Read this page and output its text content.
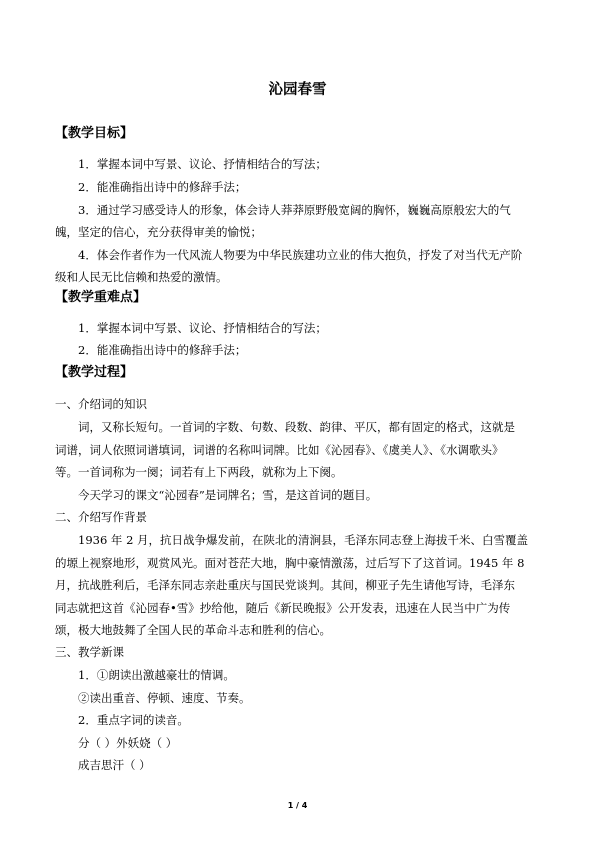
沁园春雪
【教学目标】
1．掌握本词中写景、议论、抒情相结合的写法；
2．能准确指出诗中的修辞手法；
3．通过学习感受诗人的形象，体会诗人莽莽原野般宽阔的胸怀，巍巍高原般宏大的气
魄，坚定的信心，充分获得审美的愉悦；
4．体会作者作为一代风流人物要为中华民族建功立业的伟大抱负，抒发了对当代无产阶
级和人民无比信赖和热爱的激情。
【教学重难点】
1．掌握本词中写景、议论、抒情相结合的写法；
2．能准确指出诗中的修辞手法；
【教学过程】
一、介绍词的知识
词，又称长短句。一首词的字数、句数、段数、韵律、平仄，都有固定的格式，这就是
词谱，词人依照词谱填词，词谱的名称叫词牌。比如《沁园春》、《虞美人》、《水调歌头》
等。一首词称为一阕；词若有上下两段，就称为上下阕。
今天学习的课文“沁园春”是词牌名；雪，是这首词的题目。
二、介绍写作背景
1936 年 2 月，抗日战争爆发前，在陕北的清涧县，毛泽东同志登上海拔千米、白雪覆盖
的塬上视察地形，观赏风光。面对苍茫大地，胸中豪情激荡，过后写下了这首词。1945 年 8
月，抗战胜利后，毛泽东同志亲赴重庆与国民党谈判。其间，柳亚子先生请他写诗，毛泽东
同志就把这首《沁园春•雪》抄给他，随后《新民晚报》公开发表，迅速在人民当中广为传
颂，极大地鼓舞了全国人民的革命斗志和胜利的信心。
三、教学新课
1．①朗读出激越豪壮的情调。
②读出重音、停顿、速度、节奏。
2．重点字词的读音。
分（ ）外妖娆（ ）
成吉思汗（ ）
1 / 4
